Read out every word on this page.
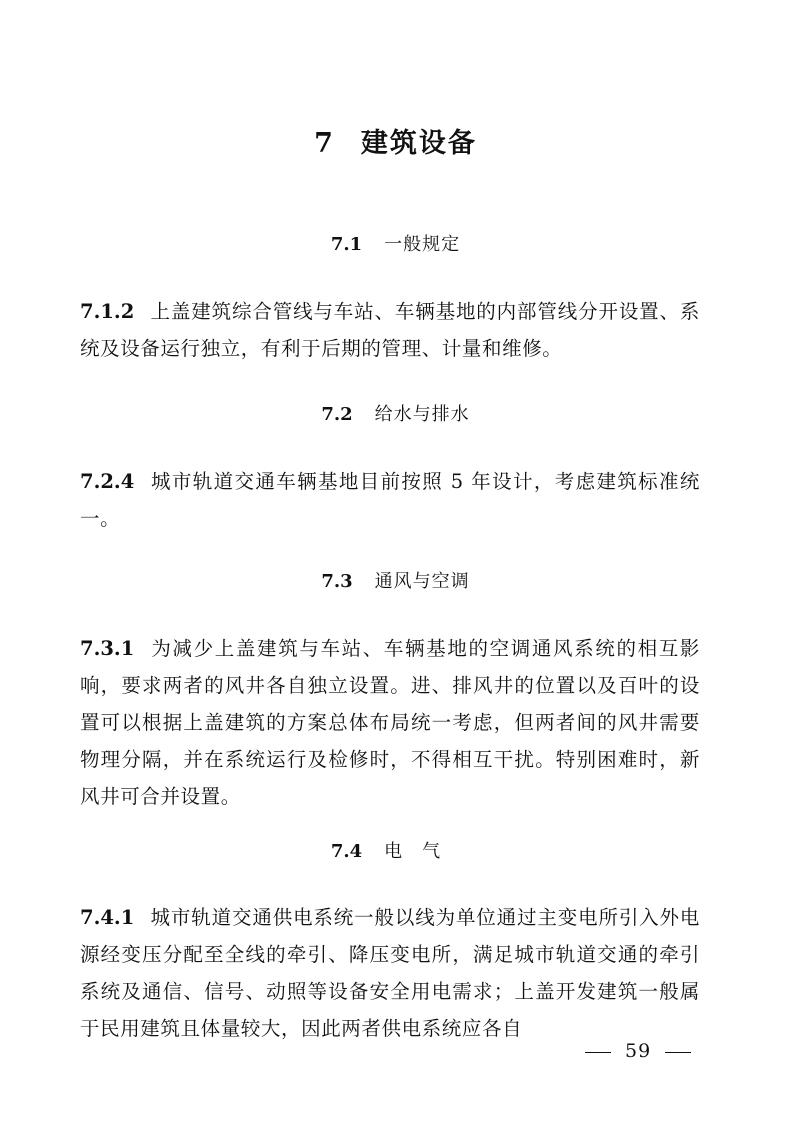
7 建筑设备
7.1 一般规定

7.1.2 上盖建筑综合管线与车站、车辆基地的内部管线分开设置、系统及设备运行独立，有利于后期的管理、计量和维修。

7.2 给水与排水

7.2.4 城市轨道交通车辆基地目前按照 5 年设计，考虑建筑标准统一。

7.3 通风与空调

7.3.1 为减少上盖建筑与车站、车辆基地的空调通风系统的相互影响，要求两者的风井各自独立设置。进、排风井的位置以及百叶的设置可以根据上盖建筑的方案总体布局统一考虑，但两者间的风井需要物理分隔，并在系统运行及检修时，不得相互干扰。特别困难时，新风井可合并设置。

7.4 电气

7.4.1 城市轨道交通供电系统一般以线为单位通过主变电所引入外电源经变压分配至全线的牵引、降压变电所，满足城市轨道交通的牵引系统及通信、信号、动照等设备安全用电需求；上盖开发建筑一般属于民用建筑且体量较大，因此两者供电系统应各自

59
